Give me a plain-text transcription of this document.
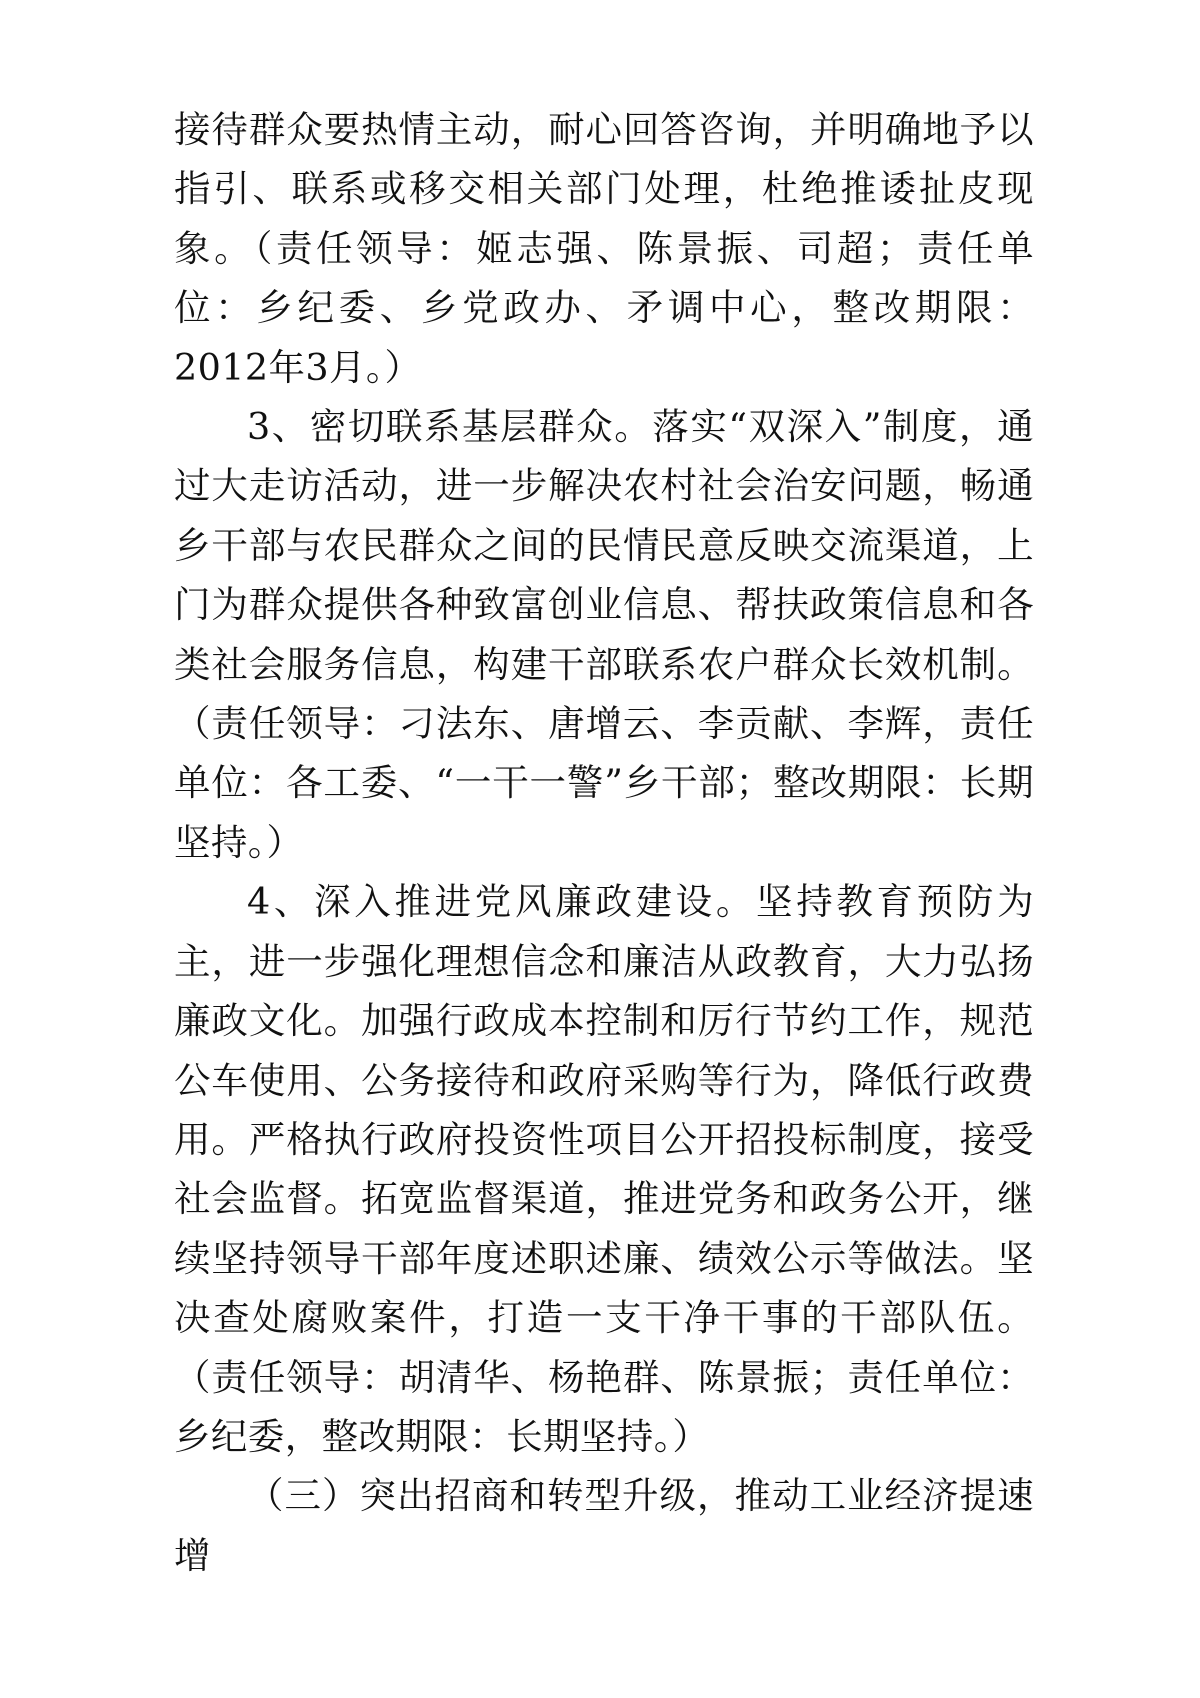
接待群众要热情主动，耐心回答咨询，并明确地予以指引、联系或移交相关部门处理，杜绝推诿扯皮现象。（责任领导：姬志强、陈景振、司超；责任单位：乡纪委、乡党政办、矛调中心，整改期限：2012年3月。）

3、密切联系基层群众。落实“双深入”制度，通过大走访活动，进一步解决农村社会治安问题，畅通乡干部与农民群众之间的民情民意反映交流渠道，上门为群众提供各种致富创业信息、帮扶政策信息和各类社会服务信息，构建干部联系农户群众长效机制。（责任领导：刁法东、唐增云、李贡献、李辉，责任单位：各工委、“一干一警”乡干部；整改期限：长期坚持。）

4、深入推进党风廉政建设。坚持教育预防为主，进一步强化理想信念和廉洁从政教育，大力弘扬廉政文化。加强行政成本控制和厉行节约工作，规范公车使用、公务接待和政府采购等行为，降低行政费用。严格执行政府投资性项目公开招投标制度，接受社会监督。拓宽监督渠道，推进党务和政务公开，继续坚持领导干部年度述职述廉、绩效公示等做法。坚决查处腐败案件，打造一支干净干事的干部队伍。（责任领导：胡清华、杨艳群、陈景振；责任单位：乡纪委，整改期限：长期坚持。）

（三）突出招商和转型升级，推动工业经济提速增
